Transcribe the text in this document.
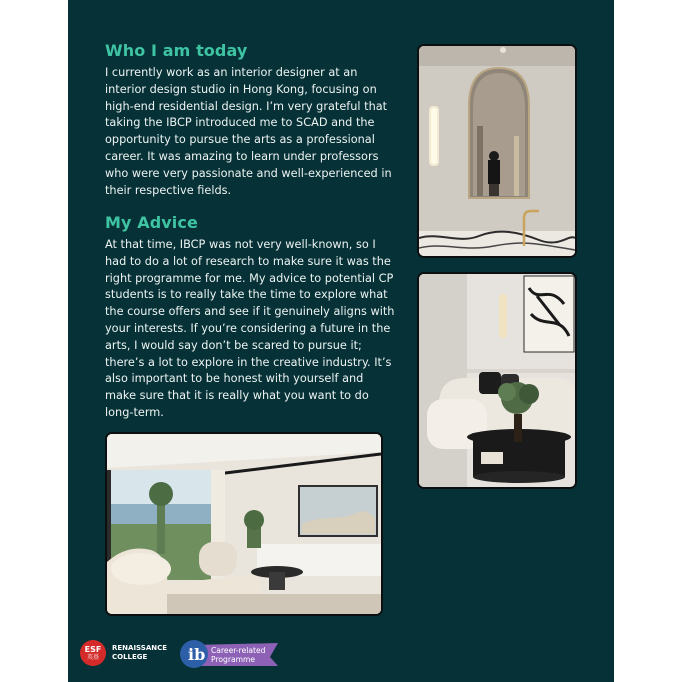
Who I am today

I currently work as an interior designer at an interior design studio in Hong Kong, focusing on high-end residential design. I’m very grateful that taking the IBCP introduced me to SCAD and the opportunity to pursue the arts as a professional career. It was amazing to learn under professors who were very passionate and well-experienced in their respective fields.

My Advice

At that time, IBCP was not very well-known, so I had to do a lot of research to make sure it was the right programme for me. My advice to potential CP students is to really take the time to explore what the course offers and see if it genuinely aligns with your interests. If you’re considering a future in the arts, I would say don’t be scared to pursue it; there’s a lot to explore in the creative industry. It’s also important to be honest with yourself and make sure that it is really what you want to do long-term.

ESF
英基
RENAISSANCE
COLLEGE	ib Career-related
Programme
